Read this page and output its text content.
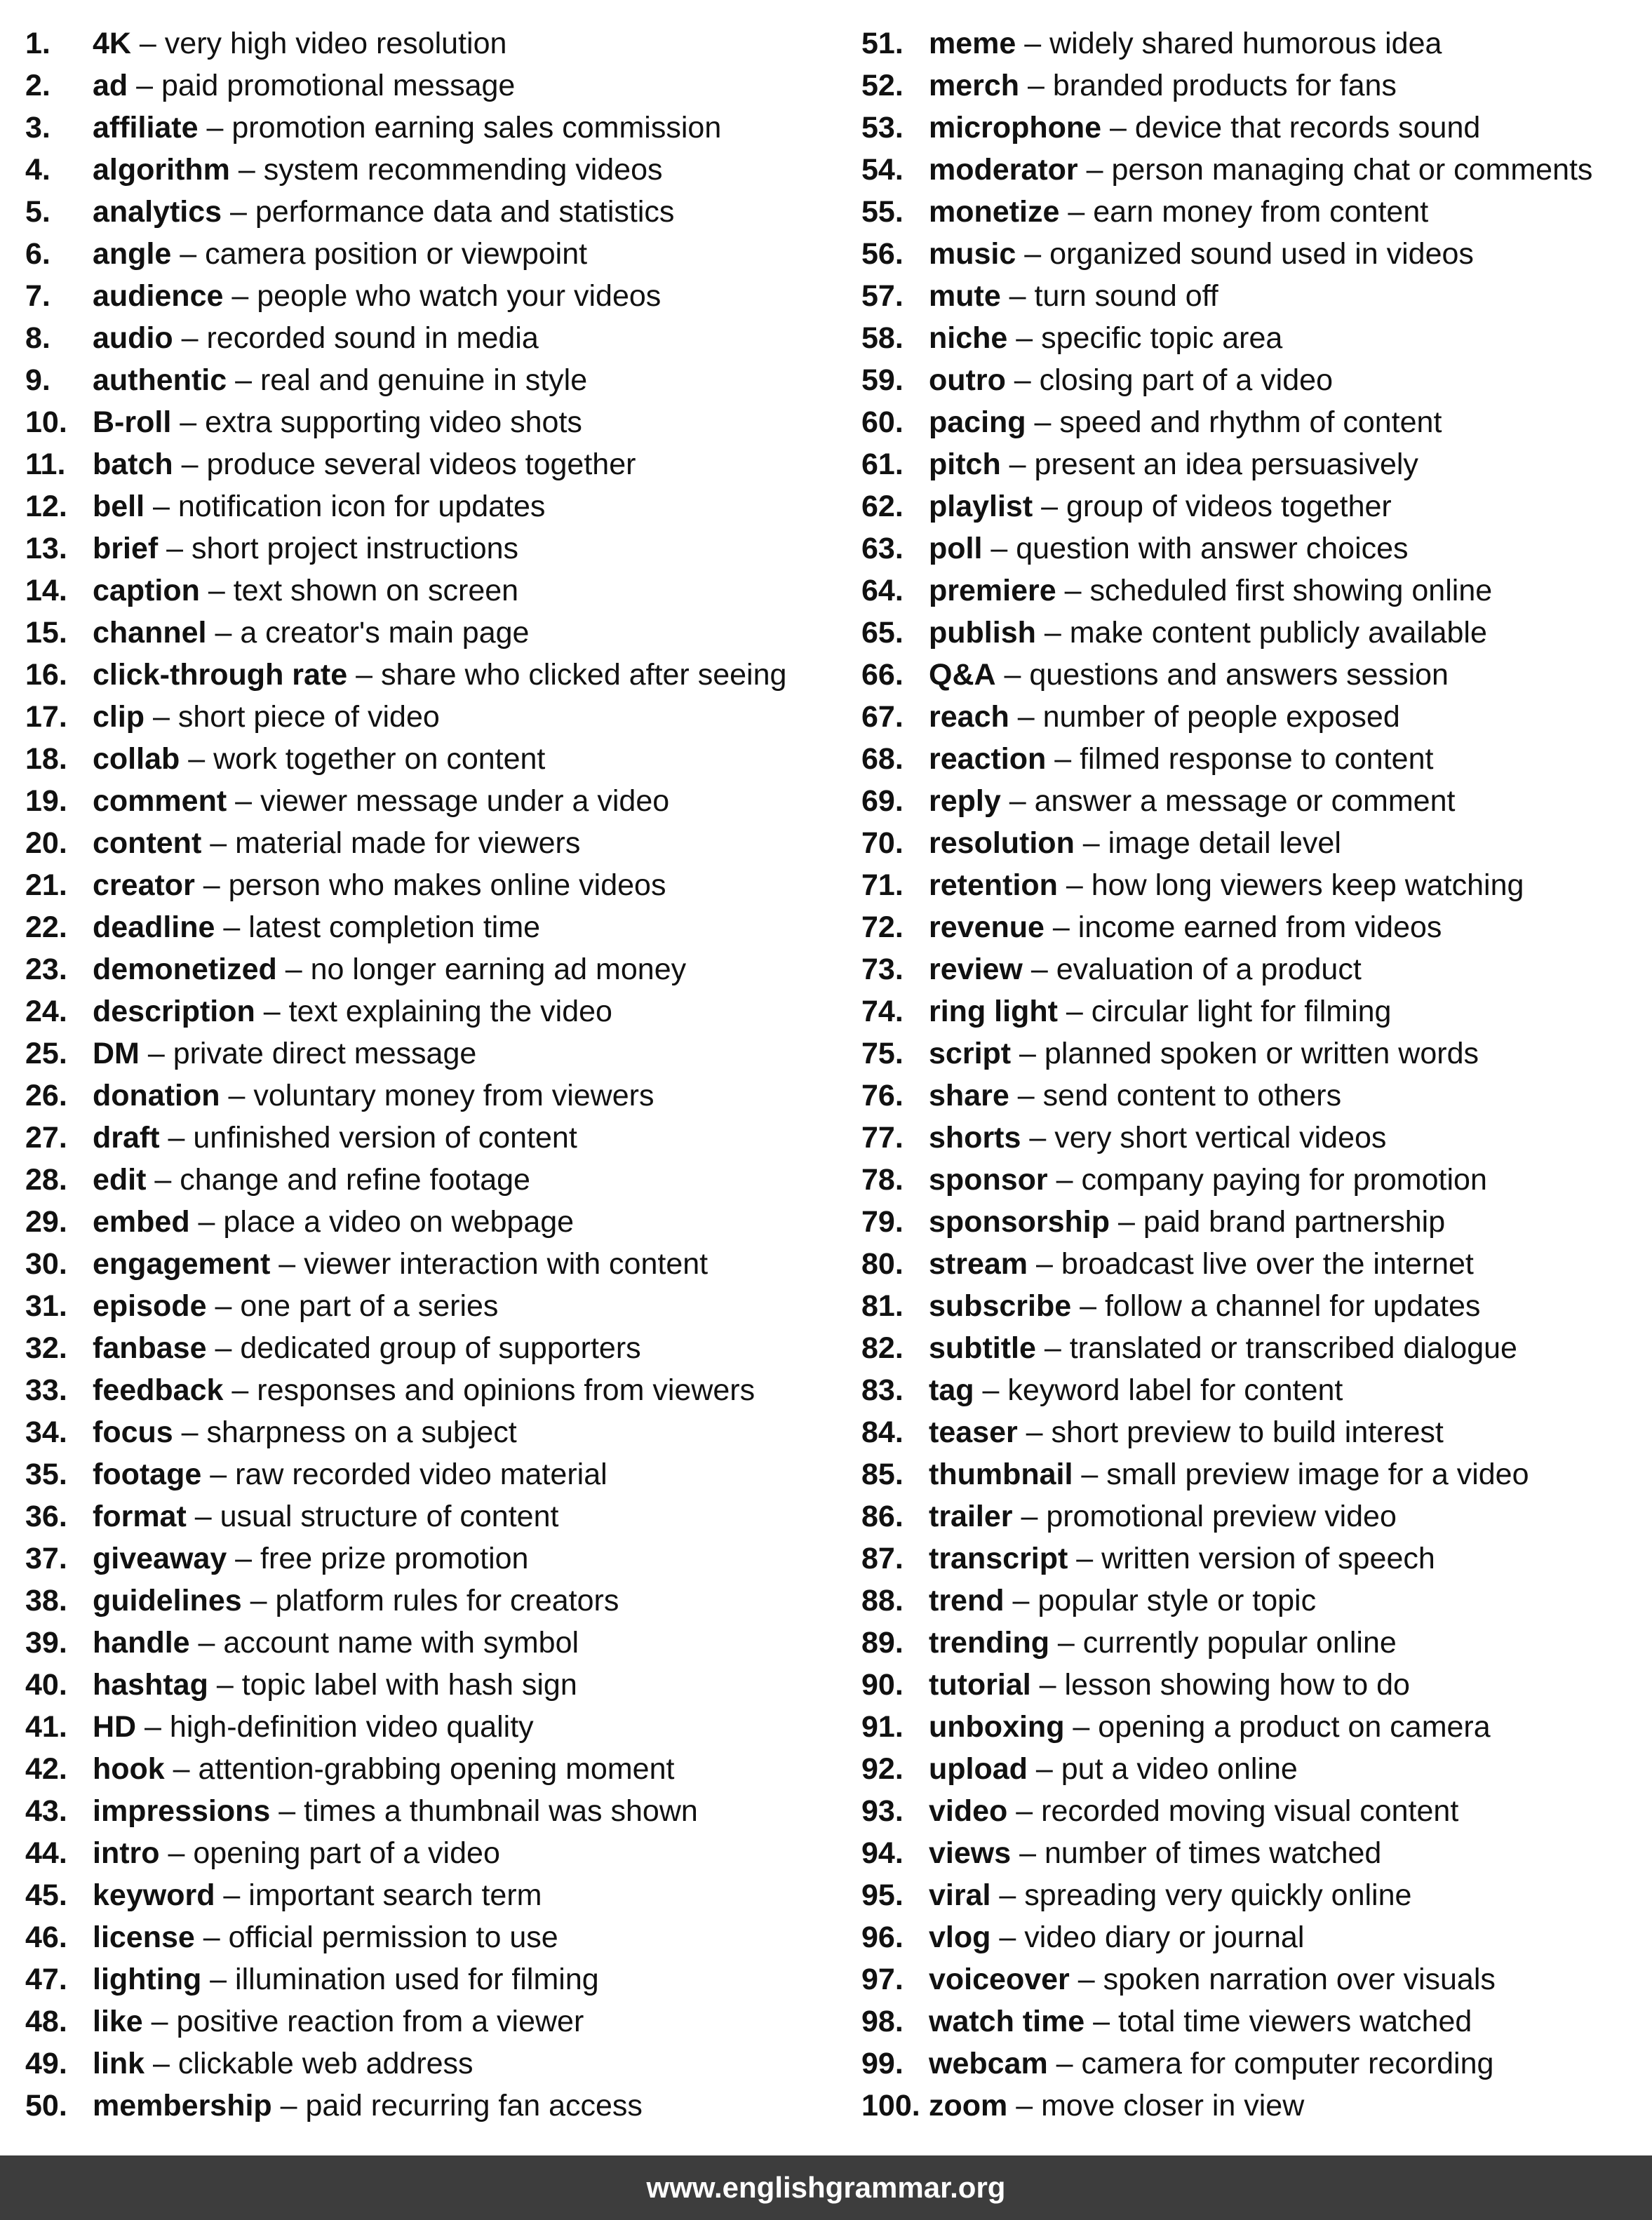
1. 4K – very high video resolution
2. ad – paid promotional message
3. affiliate – promotion earning sales commission
4. algorithm – system recommending videos
5. analytics – performance data and statistics
6. angle – camera position or viewpoint
7. audience – people who watch your videos
8. audio – recorded sound in media
9. authentic – real and genuine in style
10. B-roll – extra supporting video shots
11. batch – produce several videos together
12. bell – notification icon for updates
13. brief – short project instructions
14. caption – text shown on screen
15. channel – a creator's main page
16. click-through rate – share who clicked after seeing
17. clip – short piece of video
18. collab – work together on content
19. comment – viewer message under a video
20. content – material made for viewers
21. creator – person who makes online videos
22. deadline – latest completion time
23. demonetized – no longer earning ad money
24. description – text explaining the video
25. DM – private direct message
26. donation – voluntary money from viewers
27. draft – unfinished version of content
28. edit – change and refine footage
29. embed – place a video on webpage
30. engagement – viewer interaction with content
31. episode – one part of a series
32. fanbase – dedicated group of supporters
33. feedback – responses and opinions from viewers
34. focus – sharpness on a subject
35. footage – raw recorded video material
36. format – usual structure of content
37. giveaway – free prize promotion
38. guidelines – platform rules for creators
39. handle – account name with symbol
40. hashtag – topic label with hash sign
41. HD – high-definition video quality
42. hook – attention-grabbing opening moment
43. impressions – times a thumbnail was shown
44. intro – opening part of a video
45. keyword – important search term
46. license – official permission to use
47. lighting – illumination used for filming
48. like – positive reaction from a viewer
49. link – clickable web address
50. membership – paid recurring fan access
51. meme – widely shared humorous idea
52. merch – branded products for fans
53. microphone – device that records sound
54. moderator – person managing chat or comments
55. monetize – earn money from content
56. music – organized sound used in videos
57. mute – turn sound off
58. niche – specific topic area
59. outro – closing part of a video
60. pacing – speed and rhythm of content
61. pitch – present an idea persuasively
62. playlist – group of videos together
63. poll – question with answer choices
64. premiere – scheduled first showing online
65. publish – make content publicly available
66. Q&A – questions and answers session
67. reach – number of people exposed
68. reaction – filmed response to content
69. reply – answer a message or comment
70. resolution – image detail level
71. retention – how long viewers keep watching
72. revenue – income earned from videos
73. review – evaluation of a product
74. ring light – circular light for filming
75. script – planned spoken or written words
76. share – send content to others
77. shorts – very short vertical videos
78. sponsor – company paying for promotion
79. sponsorship – paid brand partnership
80. stream – broadcast live over the internet
81. subscribe – follow a channel for updates
82. subtitle – translated or transcribed dialogue
83. tag – keyword label for content
84. teaser – short preview to build interest
85. thumbnail – small preview image for a video
86. trailer – promotional preview video
87. transcript – written version of speech
88. trend – popular style or topic
89. trending – currently popular online
90. tutorial – lesson showing how to do
91. unboxing – opening a product on camera
92. upload – put a video online
93. video – recorded moving visual content
94. views – number of times watched
95. viral – spreading very quickly online
96. vlog – video diary or journal
97. voiceover – spoken narration over visuals
98. watch time – total time viewers watched
99. webcam – camera for computer recording
100. zoom – move closer in view
www.englishgrammar.org
